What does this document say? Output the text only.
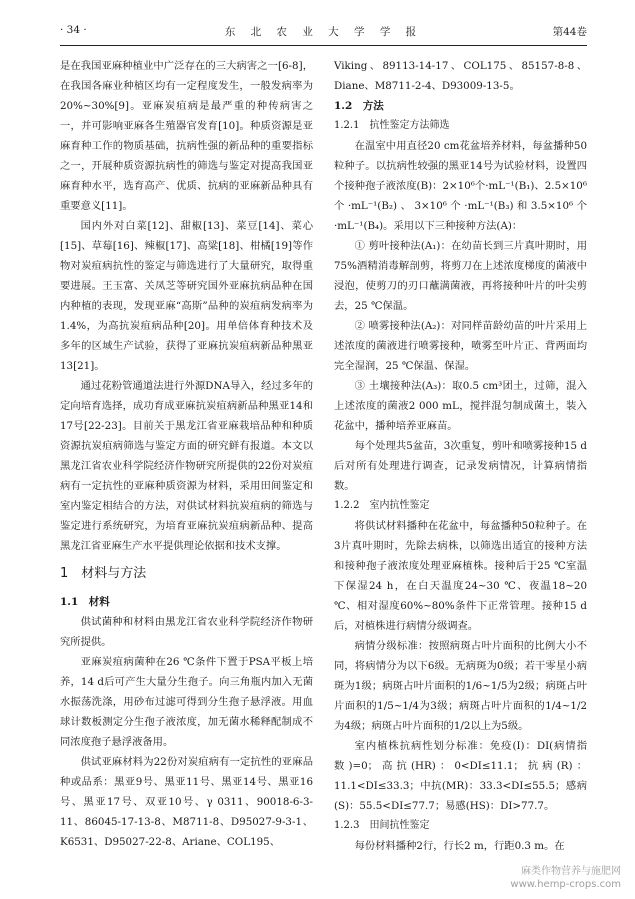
· 34 ·	东 北 农 业 大 学 学 报	第44卷

是在我国亚麻种植业中广泛存在的三大病害之一[6-8]，在我国各麻业种植区均有一定程度发生，一般发病率为20%~30%[9]。亚麻炭疽病是最严重的种传病害之一，并可影响亚麻各生殖器官发育[10]。种质资源是亚麻育种工作的物质基础，抗病性强的新品种的重要指标之一，开展种质资源抗病性的筛选与鉴定对提高我国亚麻育种水平，选育高产、优质、抗病的亚麻新品种具有重要意义[11]。

国内外对白菜[12]、甜椒[13]、菜豆[14]、菜心[15]、草莓[16]、辣椒[17]、高粱[18]、柑橘[19]等作物对炭疽病抗性的鉴定与筛选进行了大量研究，取得重要进展。王玉富、关凤芝等研究国外亚麻抗病品种在国内种植的表现，发现亚麻“高斯”品种的炭疽病发病率为1.4%，为高抗炭疽病品种[20]。用单倍体育种技术及多年的区域生产试验，获得了亚麻抗炭疽病新品种黑亚13[21]。

通过花粉管通道法进行外源DNA导入，经过多年的定向培育选择，成功育成亚麻抗炭疽病新品种黑亚14和17号[22-23]。目前关于黑龙江省亚麻栽培品种和种质资源抗炭疽病筛选与鉴定方面的研究鲜有报道。本文以黑龙江省农业科学院经济作物研究所提供的22份对炭疽病有一定抗性的亚麻种质资源为材料，采用田间鉴定和室内鉴定相结合的方法，对供试材料抗炭疽病的筛选与鉴定进行系统研究，为培育亚麻抗炭疽病新品种、提高黑龙江省亚麻生产水平提供理论依据和技术支撑。

1　材料与方法
1.1　材料

供试菌种和材料由黑龙江省农业科学院经济作物研究所提供。

亚麻炭疽病菌种在26 ℃条件下置于PSA平板上培养，14 d后可产生大量分生孢子。向三角瓶内加入无菌水振荡洗涤，用砂布过滤可得到分生孢子悬浮液。用血球计数板测定分生孢子液浓度，加无菌水稀释配制成不同浓度孢子悬浮液备用。

供试亚麻材料为22份对炭疽病有一定抗性的亚麻品种或品系：黑亚9号、黑亚11号、黑亚14号、黑亚16号、黑亚17号、双亚10号、γ 0311、90018-6-3-11、86045-17-13-8、M8711-8、D95027-9-3-1、K6531、D95027-22-8、Ariane、COL195、

Viking、89113-14-17、COL175、85157-8-8、Diane、M8711-2-4、D93009-13-5。

1.2　方法
1.2.1　抗性鉴定方法筛选

在温室中用直径20 cm花盆培养材料，每盆播种50粒种子。以抗病性较强的黑亚14号为试验材料，设置四个接种孢子液浓度(B)：2×10⁶个·mL⁻¹(B₁)、2.5×10⁶个·mL⁻¹(B₂)、3×10⁶个·mL⁻¹(B₃)和3.5×10⁶个·mL⁻¹(B₄)。采用以下三种接种方法(A)：

① 剪叶接种法(A₁)：在幼苗长到三片真叶期时，用75%酒精消毒解剖剪，将剪刀在上述浓度梯度的菌液中浸泡，使剪刀的刃口蘸满菌液，再将接种叶片的叶尖剪去，25 ℃保温。

② 喷雾接种法(A₂)：对同样苗龄幼苗的叶片采用上述浓度的菌液进行喷雾接种，喷雾至叶片正、背两面均完全湿润，25 ℃保温、保湿。

③ 土壤接种法(A₃)：取0.5 cm³团土，过筛，混入上述浓度的菌液2 000 mL，搅拌混匀制成菌土，装入花盆中，播种培养亚麻苗。

每个处理共5盆苗，3次重复，剪叶和喷雾接种15 d后对所有处理进行调查，记录发病情况，计算病情指数。

1.2.2　室内抗性鉴定

将供试材料播种在花盆中，每盆播种50粒种子。在3片真叶期时，先除去病株，以筛选出适宜的接种方法和接种孢子液浓度处理亚麻植株。接种后于25 ℃室温下保湿24 h，在白天温度24~30 ℃、夜温18~20 ℃、相对湿度60%~80%条件下正常管理。接种15 d后，对植株进行病情分级调查。

病情分级标准：按照病斑占叶片面积的比例大小不同，将病情分为以下6级。无病斑为0级；若干零星小病斑为1级；病斑占叶片面积的1/6~1/5为2级；病斑占叶片面积的1/5~1/4为3级；病斑占叶片面积的1/4~1/2为4级；病斑占叶片面积的1/2以上为5级。

室内植株抗病性划分标准：免疫(I)：DI(病情指数)=0；高抗(HR)：0<DI≤11.1；抗病(R)：11.1<DI≤33.3；中抗(MR)：33.3<DI≤55.5；感病(S)：55.5<DI≤77.7；易感(HS)：DI>77.7。

1.2.3　田间抗性鉴定

每份材料播种2行，行长2 m，行距0.3 m。在

麻类作物营养与施肥网
www.hemp-crops.com
